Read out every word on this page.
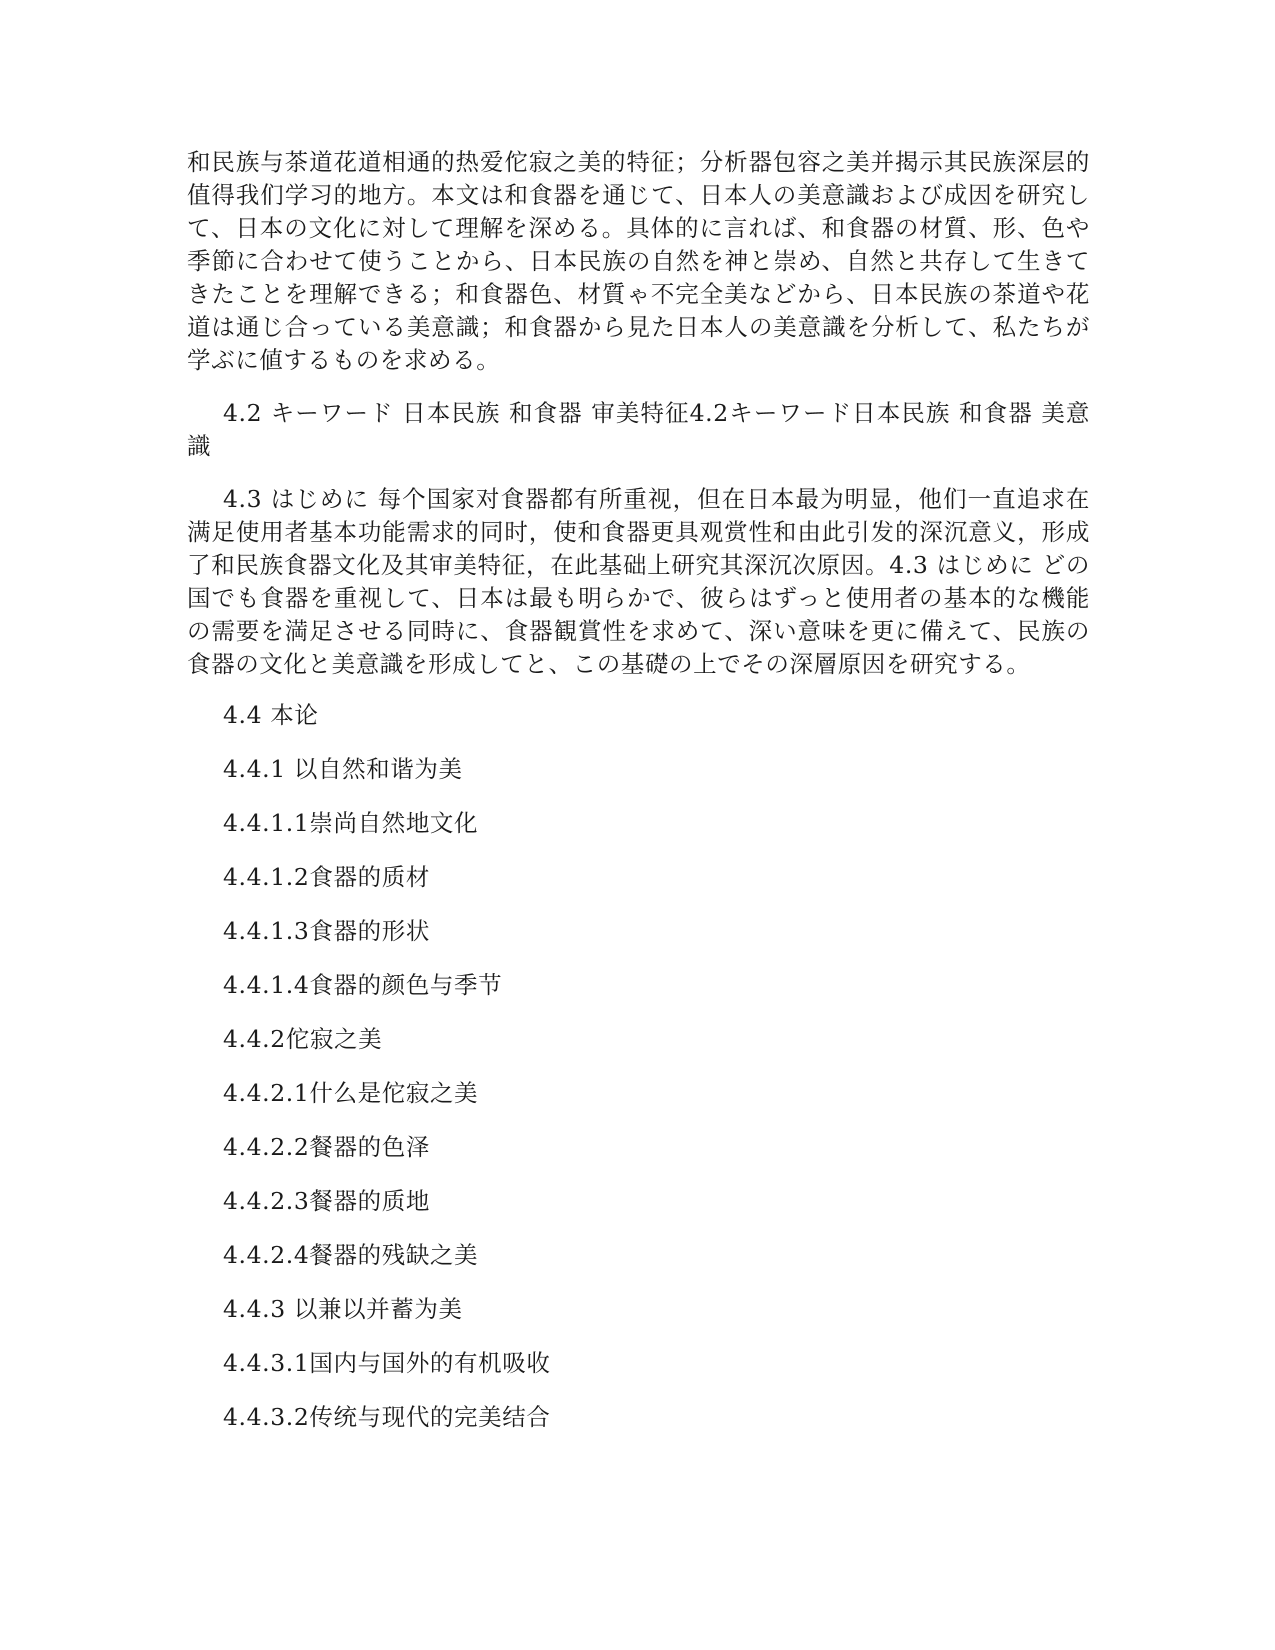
和民族与茶道花道相通的热爱佗寂之美的特征；分析器包容之美并揭示其民族深层的值得我们学习的地方。本文は和食器を通じて、日本人の美意識および成因を研究して、日本の文化に対して理解を深める。具体的に言れば、和食器の材質、形、色や季節に合わせて使うことから、日本民族の自然を神と崇め、自然と共存して生きてきたことを理解できる；和食器色、材質ゃ不完全美などから、日本民族の茶道や花道は通じ合っている美意識；和食器から見た日本人の美意識を分析して、私たちが学ぶに値するものを求める。

4.2 キーワード 日本民族 和食器 审美特征4.2キーワード日本民族 和食器 美意識

4.3 はじめに 每个国家对食器都有所重视，但在日本最为明显，他们一直追求在满足使用者基本功能需求的同时，使和食器更具观赏性和由此引发的深沉意义，形成了和民族食器文化及其审美特征，在此基础上研究其深沉次原因。4.3 はじめに どの国でも食器を重视して、日本は最も明らかで、彼らはずっと使用者の基本的な機能の需要を満足させる同時に、食器観賞性を求めて、深い意味を更に備えて、民族の食器の文化と美意識を形成してと、この基礎の上でその深層原因を研究する。

4.4 本论
4.4.1 以自然和谐为美
4.4.1.1崇尚自然地文化
4.4.1.2食器的质材
4.4.1.3食器的形状
4.4.1.4食器的颜色与季节
4.4.2佗寂之美
4.4.2.1什么是佗寂之美
4.4.2.2餐器的色泽
4.4.2.3餐器的质地
4.4.2.4餐器的残缺之美
4.4.3 以兼以并蓄为美
4.4.3.1国内与国外的有机吸收
4.4.3.2传统与现代的完美结合
